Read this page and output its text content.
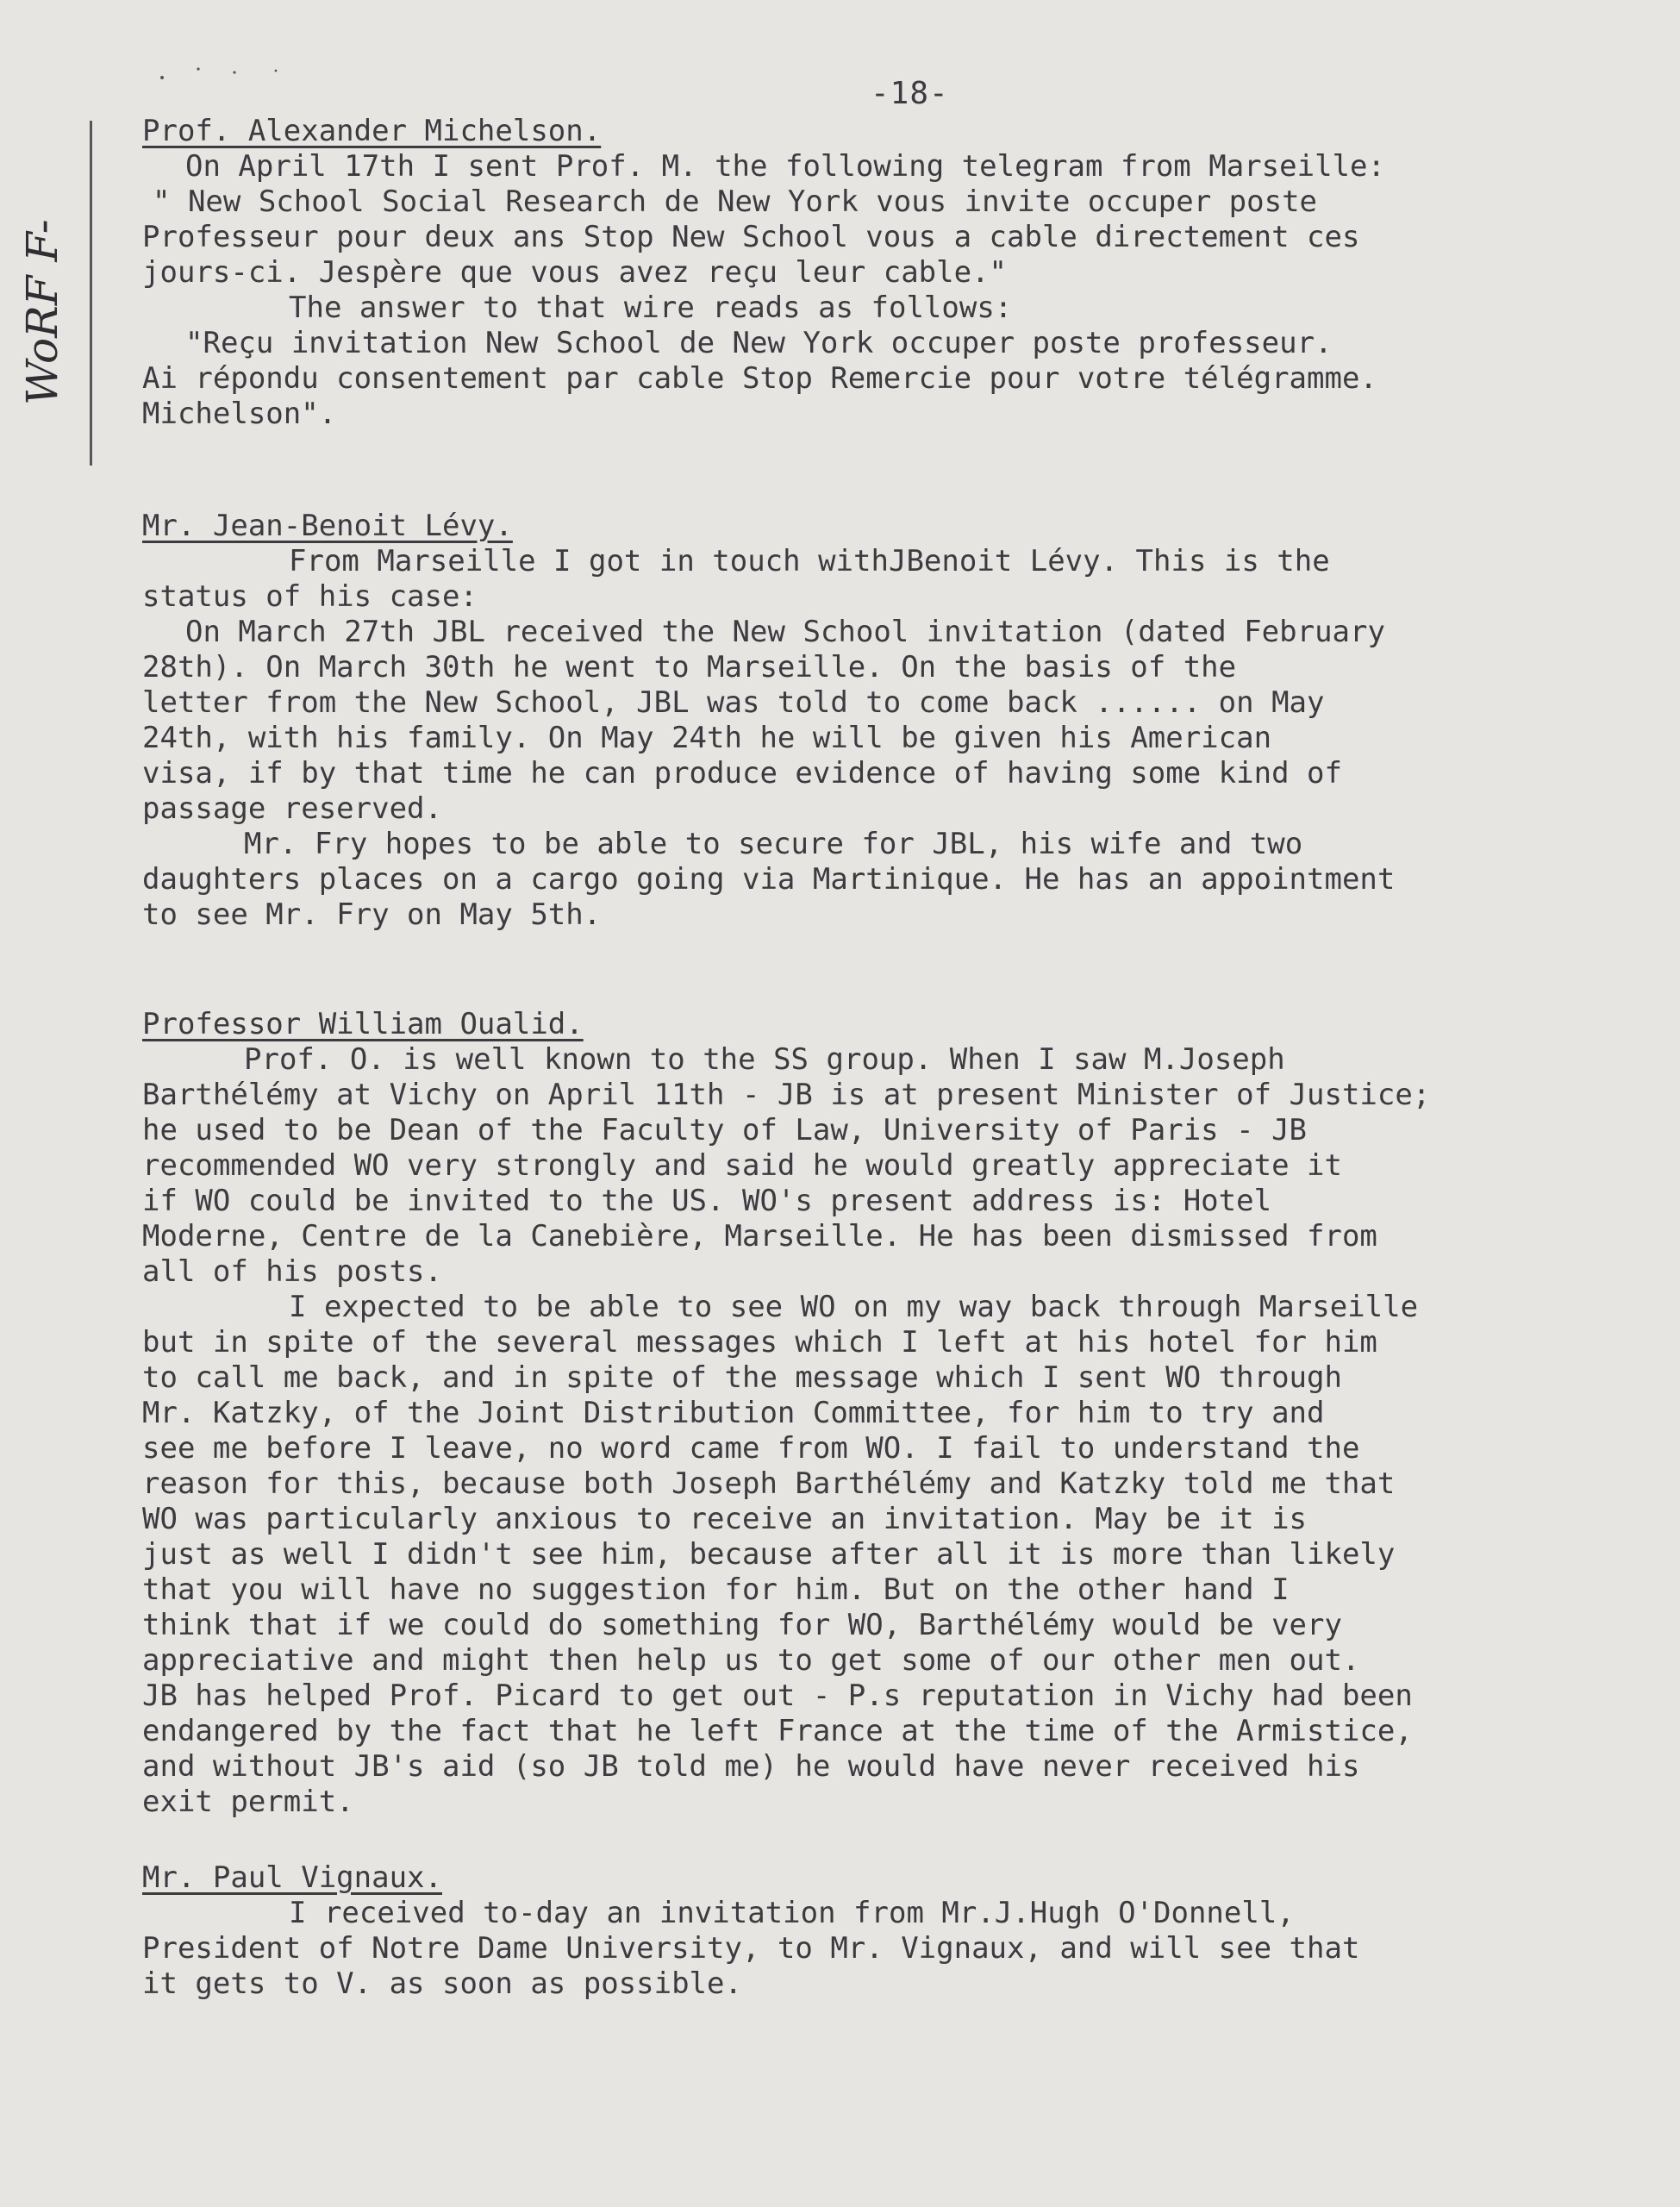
WoRF F-
-18-

Prof. Alexander Michelson.

On April 17th I sent Prof. M. the following telegram from Marseille:

" New School Social Research de New York vous invite occuper poste

Professeur pour deux ans Stop New School vous a cable directement ces

jours-ci. Jespère que vous avez reçu leur cable."

The answer to that wire reads as follows:

"Reçu invitation New School de New York occuper poste professeur.

Ai répondu consentement par cable Stop Remercie pour votre télégramme.

Michelson".

Mr. Jean-Benoit Lévy.

From Marseille I got in touch withJBenoit Lévy. This is the

status of his case:

On March 27th JBL received the New School invitation (dated February

28th). On March 30th he went to Marseille. On the basis of the

letter from the New School, JBL was told to come back ...... on May

24th, with his family. On May 24th he will be given his American

visa, if by that time he can produce evidence of having some kind of

passage reserved.

Mr. Fry hopes to be able to secure for JBL, his wife and two

daughters places on a cargo going via Martinique. He has an appointment

to see Mr. Fry on May 5th.

Professor William Oualid.

Prof. O. is well known to the SS group. When I saw M.Joseph

Barthélémy at Vichy on April 11th - JB is at present Minister of Justice;

he used to be Dean of the Faculty of Law, University of Paris - JB

recommended WO very strongly and said he would greatly appreciate it

if WO could be invited to the US. WO's present address is: Hotel

Moderne, Centre de la Canebière, Marseille. He has been dismissed from

all of his posts.

I expected to be able to see WO on my way back through Marseille

but in spite of the several messages which I left at his hotel for him

to call me back, and in spite of the message which I sent WO through

Mr. Katzky, of the Joint Distribution Committee, for him to try and

see me before I leave, no word came from WO. I fail to understand the

reason for this, because both Joseph Barthélémy and Katzky told me that

WO was particularly anxious to receive an invitation. May be it is

just as well I didn't see him, because after all it is more than likely

that you will have no suggestion for him. But on the other hand I

think that if we could do something for WO, Barthélémy would be very

appreciative and might then help us to get some of our other men out.

JB has helped Prof. Picard to get out - P.s reputation in Vichy had been

endangered by the fact that he left France at the time of the Armistice,

and without JB's aid (so JB told me) he would have never received his

exit permit.

Mr. Paul Vignaux.

I received to-day an invitation from Mr.J.Hugh O'Donnell,

President of Notre Dame University, to Mr. Vignaux, and will see that

it gets to V. as soon as possible.
